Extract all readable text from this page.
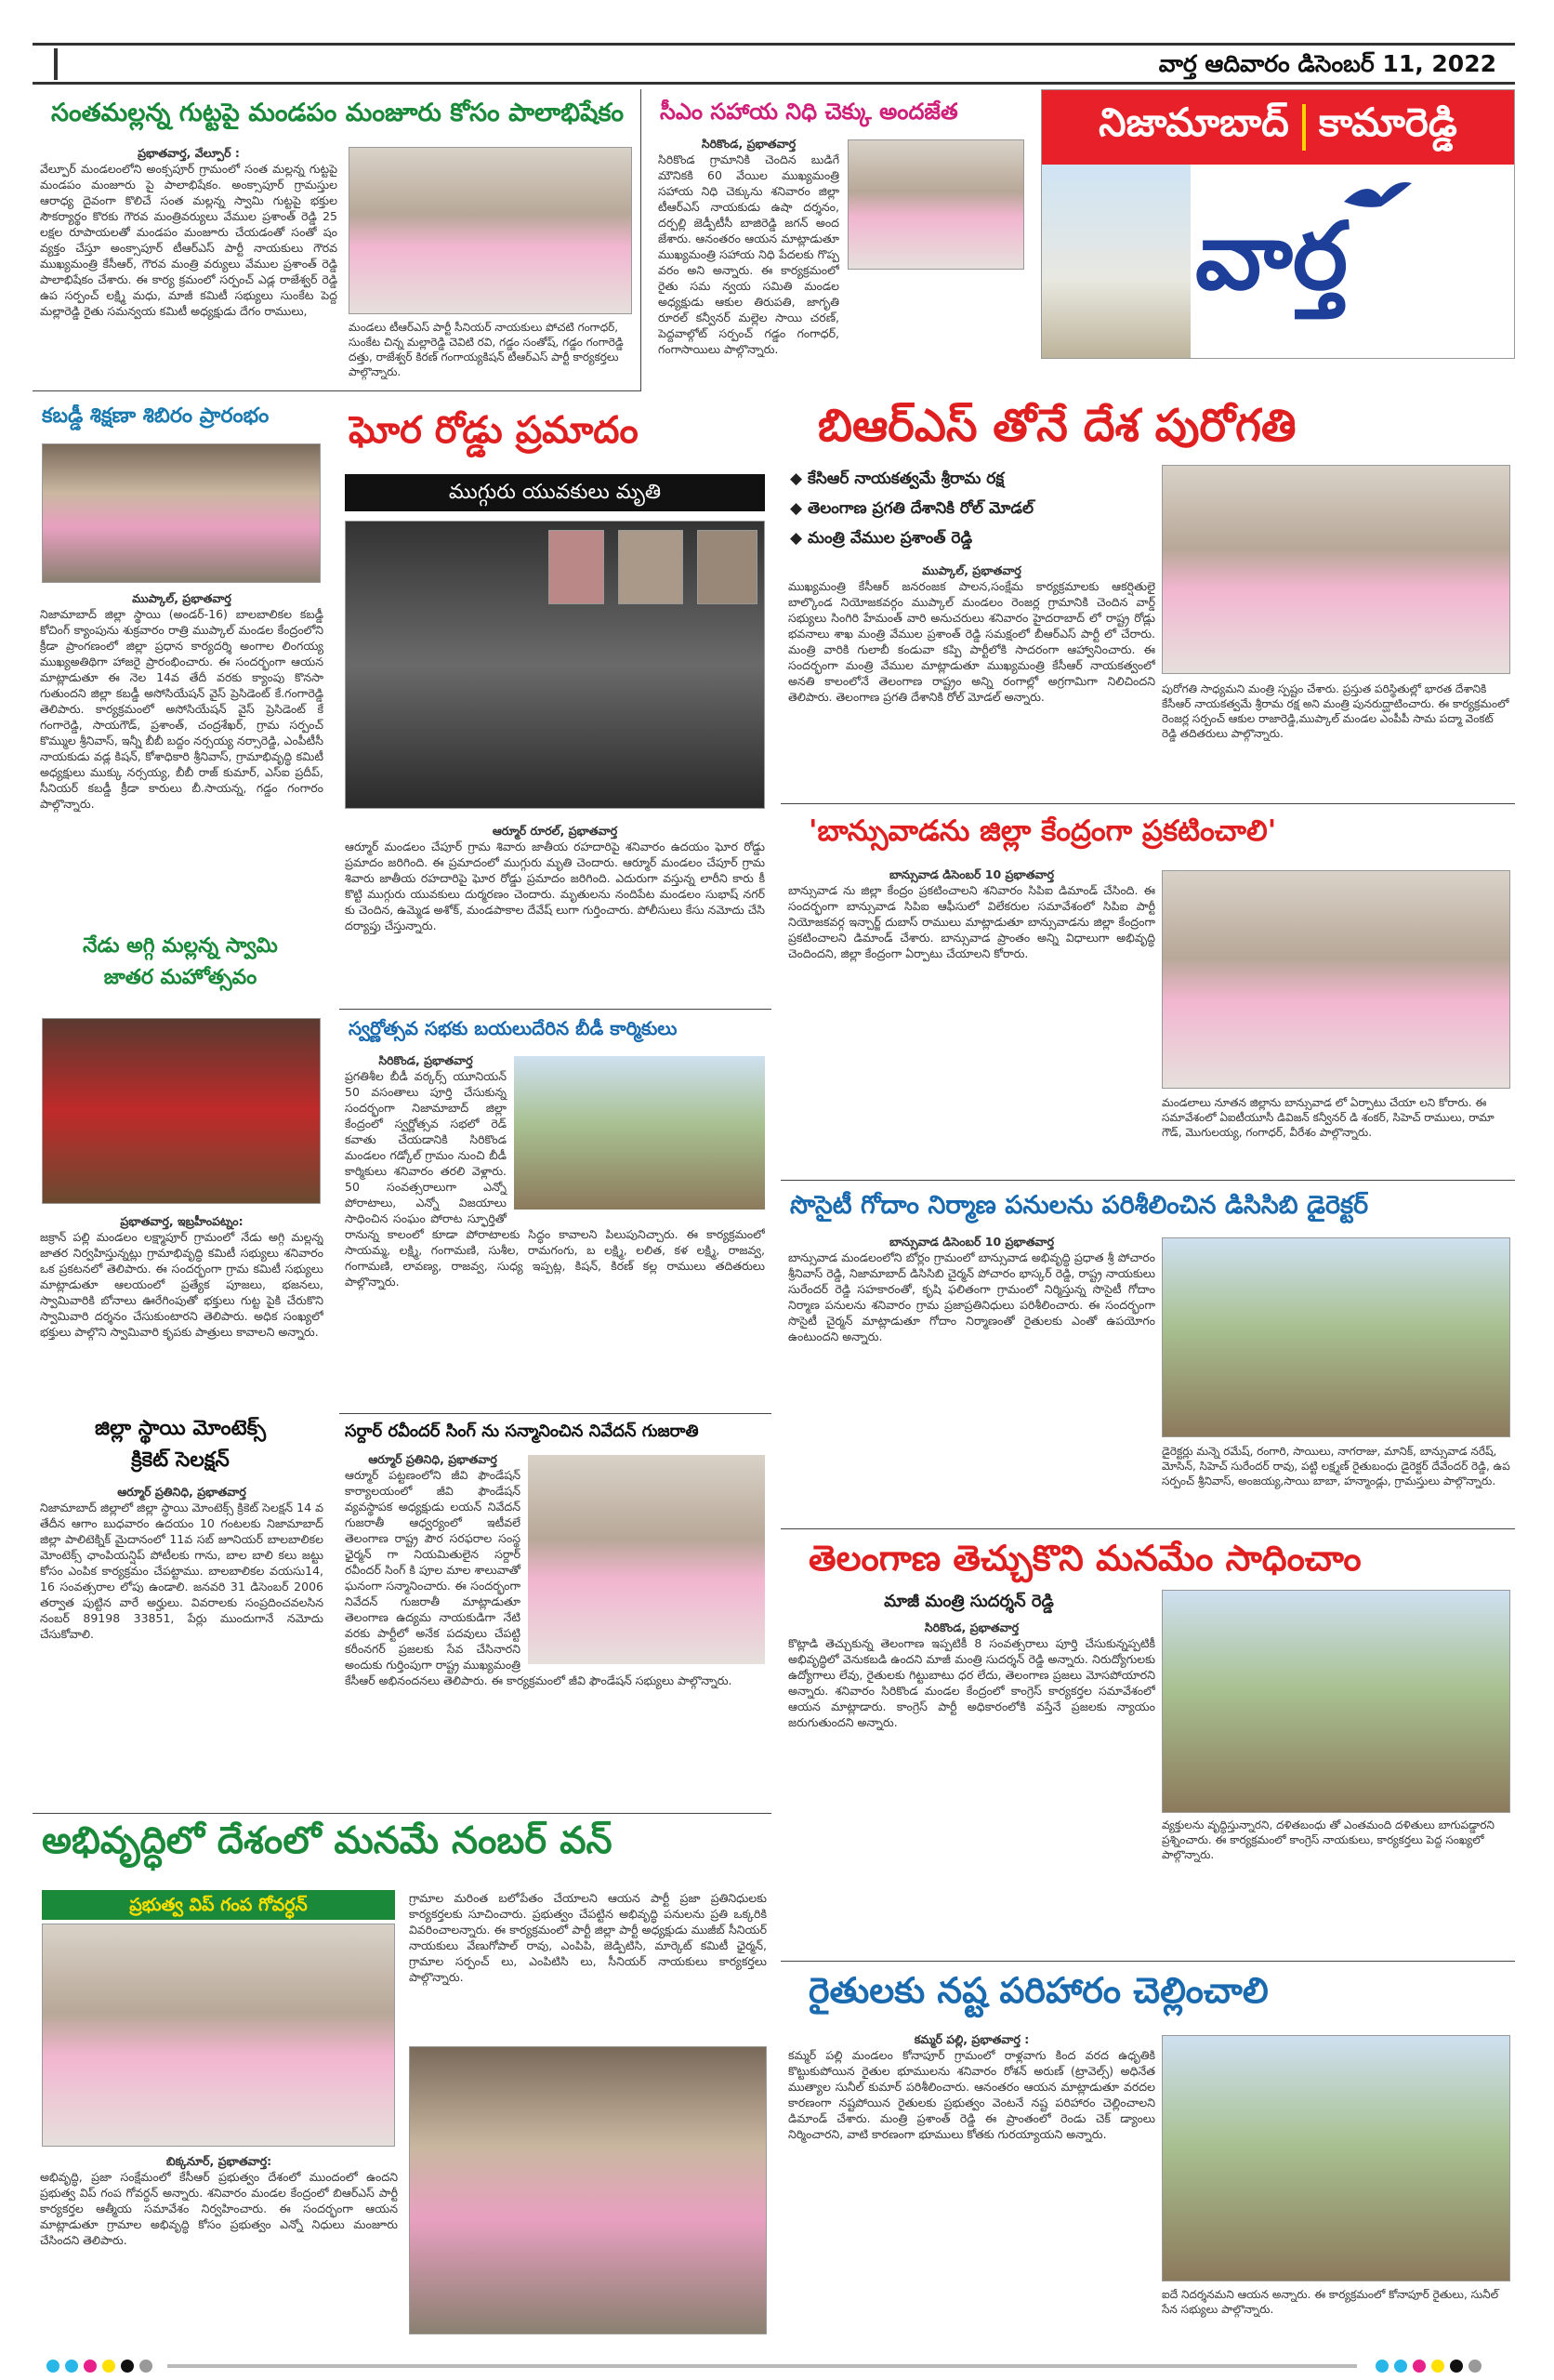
వార్త ఆదివారం డిసెంబర్ 11, 2022
సంతమల్లన్న గుట్టపై మండపం మంజూరు కోసం పాలాభిషేకం
ప్రభాతవార్త, వేల్పూర్ :
వేల్పూర్ మండలంలోని అంక్సపూర్ గ్రామంలో సంత మల్లన్న గుట్టపై మండపం మంజూరు పై పాలాభిషేకం. అంక్సాపూర్ గ్రామస్తుల ఆరాధ్య దైవంగా కొలిచే సంత మల్లన్న స్వామి గుట్టపై భక్తుల సౌకర్యార్థం కొరకు గౌరవ మంత్రివర్యులు వేముల ప్రశాంత్ రెడ్డి 25 లక్షల రూపాయలతో మండపం మంజూరు చేయడంతో సంతో షం వ్యక్తం చేస్తూ అంక్సాపూర్ టీఆర్ఎస్ పార్టీ నాయకులు గౌరవ ముఖ్యమంత్రి కేసీఆర్, గౌరవ మంత్రి వర్యులు వేముల ప్రశాంత్ రెడ్డి పాలాభిషేకం చేశారు. ఈ కార్య క్రమంలో సర్పంచ్ ఎడ్ల రాజేశ్వర్ రెడ్డి ఉప సర్పంచ్ లక్ష్మి మధు, మాజీ కమిటీ సభ్యులు సుంకేట పెద్ద మల్లారెడ్డి రైతు సమన్వయ కమిటీ అధ్యక్షుడు దేగం రాములు,
మండలు టీఆర్ఎస్ పార్టీ సీనియర్ నాయకులు పోచటి గంగాధర్, సుంకేట చిన్న మల్లారెడ్డి చెవిటి రవి, గడ్డం సంతోష్, గడ్డం గంగారెడ్డి దత్తు, రాజేశ్వర్ కిరణ్ గంగాయ్యకిషన్ టీఆర్ఎస్ పార్టీ కార్యకర్తలు పాల్గొన్నారు.
సీఎం సహాయ నిధి చెక్కు అందజేత
సిరికొండ, ప్రభాతవార్త
సిరికొండ గ్రామానికి చెందిన బుడిగే మౌనికకి 60 వేయిల ముఖ్యమంత్రి సహాయ నిధి చెక్కును శనివారం జిల్లా టీఆర్ఎస్ నాయకుడు ఉషా దర్శనం, దర్పల్లి జెడ్పీటీసీ బాజిరెడ్డి జగన్ అంద జేశారు. ఆనంతరం ఆయన మాట్లాడుతూ ముఖ్యమంత్రి సహాయ నిధి పేదలకు గొప్ప వరం అని అన్నారు. ఈ కార్యక్రమంలో రైతు సమ న్వయ సమితి మండల అధ్యక్షుడు ఆకుల తిరుపతి, జాగృతి రూరల్ కన్వీనర్ మల్లెల సాయి చరణ్, పెద్దవాల్గోట్ సర్పంచ్ గడ్డం గంగాధర్, గంగాసాయిలు పాల్గొన్నారు.
నిజామాబాద్ కామారెడ్డి
వార్త
కబడ్డీ శిక్షణా శిబిరం ప్రారంభం
ముప్కాల్, ప్రభాతవార్త
నిజామాబాద్ జిల్లా స్థాయి (అండర్-16) బాలబాలికల కబడ్డీ కోచింగ్ క్యాంపును శుక్రవారం రాత్రి ముప్కాల్ మండల కేంద్రంలోని క్రీడా ప్రాంగణంలో జిల్లా ప్రధాన కార్యదర్శి అంగాల లింగయ్య ముఖ్యఅతిథిగా హాజరై ప్రారంభించారు. ఈ సందర్భంగా ఆయన మాట్లాడుతూ ఈ నెల 14వ తేదీ వరకు క్యాంపు కొనసా గుతుందని జిల్లా కబడ్డీ అసోసియేషన్ వైస్ ప్రెసిడెంట్ కే.గంగారెడ్డి తెలిపారు. కార్యక్రమంలో అసోసియేషన్ వైస్ ప్రెసిడెంట్ కే గంగారెడ్డి, సాయగౌడ్, ప్రశాంత్, చంద్రశేఖర్, గ్రామ సర్పంచ్ కొమ్ముల శ్రీనివాస్, ఇన్నీ బీబీ బద్దం నర్సయ్య నర్సారెడ్డి, ఎంపీటీసీ నాయకుడు వడ్ల కిషన్, కోశాధికారి శ్రీనివాస్, గ్రామాభివృద్ధి కమిటీ అధ్యక్షులు ముక్కు నర్సయ్య, బీబీ రాజ్ కుమార్, ఎస్ఐ ప్రదీప్, సీనియర్ కబడ్డీ క్రీడా కారులు బీ.సాయన్న, గడ్డం గంగారం పాల్గొన్నారు.
నేడు అగ్గి మల్లన్న స్వామి
జాతర మహోత్సవం
ప్రభాతవార్త, ఇబ్రహీంపట్నం:
జక్రాన్ పల్లి మండలం లక్ష్మాపూర్ గ్రామంలో నేడు అగ్గి మల్లన్న జాతర నిర్వహిస్తున్నట్లు గ్రామాభివృద్ధి కమిటీ సభ్యులు శనివారం ఒక ప్రకటనలో తెలిపారు. ఈ సందర్భంగా గ్రామ కమిటీ సభ్యులు మాట్లాడుతూ ఆలయంలో ప్రత్యేక పూజలు, భజనలు, స్వామివారికి బోనాలు ఊరేగింపుతో భక్తులు గుట్ట పైకి చేరుకొని స్వామివారి దర్శనం చేసుకుంటారని తెలిపారు. అధిక సంఖ్యలో భక్తులు పాల్గొని స్వామివారి కృపకు పాత్రులు కావాలని అన్నారు.
జిల్లా స్థాయి మోంటెక్స్
క్రికెట్ సెలక్షన్
ఆర్మూర్ ప్రతినిధి, ప్రభాతవార్త
నిజామాబాద్ జిల్లాలో జిల్లా స్థాయి మోంటెక్స్ క్రికెట్ సెలక్షన్ 14 వ తేదీన ఆగాం బుధవారం ఉదయం 10 గంటలకు నిజామాబాద్ జిల్లా పాలిటెక్నిక్ మైదానంలో 11వ సబ్ జూనియర్ బాలబాలికల మోంటెక్స్ ఛాంపియన్షిప్ పోటీలకు గాను, బాల బాలి కలు జట్టు కోసం ఎంపిక కార్యక్రమం చేపట్టాము. బాలబాలికల వయసు14, 16 సంవత్సరాల లోపు ఉండాలి. జనవరి 31 డిసెంబర్ 2006 తర్వాత పుట్టిన వారే అర్హులు. వివరాలకు సంప్రదించవలసిన నంబర్ 89198 33851, పేర్లు ముందుగానే నమోదు చేసుకోవాలి.
ఘోర రోడ్డు ప్రమాదం
ముగ్గురు యువకులు మృతి
ఆర్మూర్ రూరల్, ప్రభాతవార్త
ఆర్మూర్ మండలం చేపూర్ గ్రామ శివారు జాతీయ రహదారిపై శనివారం ఉదయం ఘోర రోడ్డు ప్రమాదం జరిగింది. ఈ ప్రమాదంలో ముగ్గురు మృతి చెందారు. ఆర్మూర్ మండలం చేపూర్ గ్రామ శివారు జాతీయ రహదారిపై ఘోర రోడ్డు ప్రమాదం జరిగింది. ఎదురుగా వస్తున్న లారీని కారు కీ కొట్టి ముగ్గురు యువకులు దుర్మరణం చెందారు. మృతులను నందిపేట మండలం సుభాష్ నగర్ కు చెందిన, ఉమ్మెడ అశోక్, మండపాకాల దేవేష్ లుగా గుర్తించారు. పోలీసులు కేసు నమోదు చేసి దర్యాప్తు చేస్తున్నారు.
స్వర్ణోత్సవ సభకు బయలుదేరిన బీడీ కార్మికులు
సిరికొండ, ప్రభాతవార్త
ప్రగతిశీల బీడీ వర్కర్స్ యూనియన్ 50 వసంతాలు పూర్తి చేసుకున్న సందర్భంగా నిజామాబాద్ జిల్లా కేంద్రంలో స్వర్ణోత్సవ సభలో రెడ్ కవాతు చేయడానికి సిరికొండ మండలం గడ్కోల్ గ్రామం నుంచి బీడీ కార్మికులు శనివారం తరలి వెళ్లారు. 50 సంవత్సరాలుగా ఎన్నో పోరాటాలు, ఎన్నో విజయాలు సాధించిన సంఘం పోరాట స్ఫూర్తితో రానున్న కాలంలో కూడా పోరాటాలకు సిద్ధం కావాలని పిలుపునిచ్చారు. ఈ కార్యక్రమంలో సాయమ్మ, లక్ష్మి, గంగామణి, సుశీల, రామగంగు, బ లక్ష్మి, లలిత, కళ లక్ష్మి, రాజవ్వ, గంగామణి, లావణ్య, రాజవ్వ, సుధ్య ఇప్పట్ల, కిషన్, కిరణ్ కల్ల రాములు తదితరులు పాల్గొన్నారు.
సర్దార్ రవీందర్ సింగ్ ను సన్మానించిన నివేదన్ గుజరాతి
ఆర్మూర్ ప్రతినిధి, ప్రభాతవార్త
ఆర్మూర్ పట్టణంలోని జీవి ఫౌండేషన్ కార్యాలయంలో జీవి ఫౌండేషన్ వ్యవస్థాపక అధ్యక్షుడు లయన్ నివేదన్ గుజరాతీ ఆధ్వర్యంలో ఇటీవలే తెలంగాణ రాష్ట్ర పౌర సరఫరాల సంస్థ ఛైర్మన్ గా నియమితులైన సర్దార్ రవీందర్ సింగ్ కి పూల మాల శాలువాతో ఘనంగా సన్మానించారు. ఈ సందర్భంగా నివేదన్ గుజరాతీ మాట్లాడుతూ తెలంగాణ ఉద్యమ నాయకుడిగా నేటి వరకు పార్టీలో అనేక పదవులు చేపట్టి కరీంనగర్ ప్రజలకు సేవ చేసినారని అందుకు గుర్తింపుగా రాష్ట్ర ముఖ్యమంత్రి కేసీఆర్ అభినందనలు తెలిపారు. ఈ కార్యక్రమంలో జీవి ఫౌండేషన్ సభ్యులు పాల్గొన్నారు.
బిఆర్ఎస్ తోనే దేశ పురోగతి
◆ కేసిఆర్ నాయకత్వమే శ్రీరామ రక్ష
◆ తెలంగాణ ప్రగతి దేశానికి రోల్ మోడల్
◆ మంత్రి వేముల ప్రశాంత్ రెడ్డి
ముప్కాల్, ప్రభాతవార్త
ముఖ్యమంత్రి కేసీఆర్ జనరంజక పాలన,సంక్షేమ కార్యక్రమాలకు ఆకర్షితులై బాల్కొండ నియోజకవర్గం ముప్కాల్ మండలం రెంజర్ల గ్రామానికి చెందిన వార్డ్ సభ్యులు సింగిరి హేమంత్ వారి అనుచరులు శనివారం హైదరాబాద్ లో రాష్ట్ర రోడ్లు భవనాలు శాఖ మంత్రి వేముల ప్రశాంత్ రెడ్డి సమక్షంలో బీఆర్ఎస్ పార్టీ లో చేరారు. మంత్రి వారికి గులాబీ కండువా కప్పి పార్టీలోకి సాదరంగా ఆహ్వానించారు. ఈ సందర్భంగా మంత్రి వేముల మాట్లాడుతూ ముఖ్యమంత్రి కేసీఆర్ నాయకత్వంలో అనతి కాలంలోనే తెలంగాణ రాష్ట్రం అన్ని రంగాల్లో అగ్రగామిగా నిలిచిందని తెలిపారు. తెలంగాణ ప్రగతి దేశానికి రోల్ మోడల్ అన్నారు.
పురోగతి సాధ్యమని మంత్రి స్పష్టం చేశారు. ప్రస్తుత పరిస్థితుల్లో భారత దేశానికి కేసీఆర్ నాయకత్వమే శ్రీరామ రక్ష అని మంత్రి పునరుద్ఘాటించారు. ఈ కార్యక్రమంలో రెంజర్ల సర్పంచ్ ఆకుల రాజారెడ్డి,ముప్కాల్ మండల ఎంపీపీ సామ పద్మా వెంకట్ రెడ్డి తదితరులు పాల్గొన్నారు.
'బాన్సువాడను జిల్లా కేంద్రంగా ప్రకటించాలి'
బాన్సువాడ డిసెంబర్ 10 ప్రభాతవార్త
బాన్సువాడ ను జిల్లా కేంద్రం ప్రకటించాలని శనివారం సిపిఐ డిమాండ్ చేసింది. ఈ సందర్భంగా బాన్సువాడ సిపిఐ ఆఫీసులో విలేకరుల సమావేశంలో సిపిఐ పార్టీ నియోజకవర్గ ఇన్చార్జ్ దుబాస్ రాములు మాట్లాడుతూ బాన్సువాడను జిల్లా కేంద్రంగా ప్రకటించాలని డిమాండ్ చేశారు. బాన్సువాడ ప్రాంతం అన్ని విధాలుగా అభివృద్ధి చెందిందని, జిల్లా కేంద్రంగా ఏర్పాటు చేయాలని కోరారు.
మండలాలు నూతన జిల్లాను బాన్సువాడ లో ఏర్పాటు చేయా లని కోరారు. ఈ సమావేశంలో ఏఐటీయూసీ డివిజన్ కన్వీనర్ డి శంకర్, సిహెచ్ రాములు, రామా గౌడ్, మొగులయ్య, గంగాధర్, వీరేశం పాల్గొన్నారు.
సొసైటీ గోదాం నిర్మాణ పనులను పరిశీలించిన డిసిసిబి డైరెక్టర్
బాన్సువాడ డిసెంబర్ 10 ప్రభాతవార్త
బాన్సువాడ మండలంలోని బోర్లం గ్రామంలో బాన్సువాడ అభివృద్ధి ప్రధాత శ్రీ పోచారం శ్రీనివాస్ రెడ్డి, నిజామాబాద్ డిసిసిబి చైర్మన్ పోచారం భాస్కర్ రెడ్డి, రాష్ట్ర నాయకులు సురేందర్ రెడ్డి సహకారంతో, కృషి ఫలితంగా గ్రామంలో నిర్మిస్తున్న సొసైటీ గోదాం నిర్మాణ పనులను శనివారం గ్రామ ప్రజాప్రతినిధులు పరిశీలించారు. ఈ సందర్భంగా సొసైటీ చైర్మన్ మాట్లాడుతూ గోదాం నిర్మాణంతో రైతులకు ఎంతో ఉపయోగం ఉంటుందని అన్నారు.
డైరెక్టర్లు మన్నె రమేష్, రంగారి, సాయిలు, నాగరాజు, మానిక్, బాన్సువాడ నరేష్, మోసిన్, సిహెచ్ సురేందర్ రావు, పట్టి లక్ష్మణ్ రైతుబంధు డైరెక్టర్ దేవేందర్ రెడ్డి, ఉప సర్పంచ్ శ్రీనివాస్, అంజయ్య,సాయి బాబా, హన్మాండ్లు, గ్రామస్తులు పాల్గొన్నారు.
తెలంగాణ తెచ్చుకొని మనమేం సాధించాం
మాజీ మంత్రి సుదర్శన్ రెడ్డి
సిరికొండ, ప్రభాతవార్త
కొట్లాడి తెచ్చుకున్న తెలంగాణ ఇప్పటికీ 8 సంవత్సరాలు పూర్తి చేసుకున్నప్పటికీ అభివృద్ధిలో వెనుకబడి ఉందని మాజీ మంత్రి సుదర్శన్ రెడ్డి అన్నారు. నిరుద్యోగులకు ఉద్యోగాలు లేవు, రైతులకు గిట్టుబాటు ధర లేదు, తెలంగాణ ప్రజలు మోసపోయారని అన్నారు. శనివారం సిరికొండ మండల కేంద్రంలో కాంగ్రెస్ కార్యకర్తల సమావేశంలో ఆయన మాట్లాడారు. కాంగ్రెస్ పార్టీ అధికారంలోకి వస్తేనే ప్రజలకు న్యాయం జరుగుతుందని అన్నారు.
వ్యక్తులను వృద్ధిస్తున్నారని, దళితబంధు తో ఎంతమంది దళితులు బాగుపడ్డారని ప్రశ్నించారు. ఈ కార్యక్రమంలో కాంగ్రెస్ నాయకులు, కార్యకర్తలు పెద్ద సంఖ్యలో పాల్గొన్నారు.
రైతులకు నష్ట పరిహారం చెల్లించాలి
కమ్మర్ పల్లి, ప్రభాతవార్త :
కమ్మర్ పల్లి మండలం కోనాపూర్ గ్రామంలో రాళ్లవాగు కింద వరద ఉధృతికి కొట్టుకుపోయిన రైతుల భూములను శనివారం రోశన్ అరుణ్ (ట్రావెల్స్) అధినేత ముత్యాల సునీల్ కుమార్ పరిశీలించారు. ఆనంతరం ఆయన మాట్లాడుతూ వరదల కారణంగా నష్టపోయిన రైతులకు ప్రభుత్వం వెంటనే నష్ట పరిహారం చెల్లించాలని డిమాండ్ చేశారు. మంత్రి ప్రశాంత్ రెడ్డి ఈ ప్రాంతంలో రెండు చెక్ డ్యాంలు నిర్మించారని, వాటి కారణంగా భూములు కోతకు గురయ్యాయని అన్నారు.
ఐదే నిదర్శనమని ఆయన అన్నారు. ఈ కార్యక్రమంలో కోనాపూర్ రైతులు, సునీల్ సేన సభ్యులు పాల్గొన్నారు.
అభివృద్ధిలో దేశంలో మనమే నంబర్ వన్
ప్రభుత్వ విప్ గంప గోవర్ధన్
బిక్కనూర్, ప్రభాతవార్త:
అభివృద్ధి, ప్రజా సంక్షేమంలో కేసీఆర్ ప్రభుత్వం దేశంలో ముందంలో ఉందని ప్రభుత్వ విప్ గంప గోవర్ధన్ అన్నారు. శనివారం మండల కేంద్రంలో బిఆర్ఎస్ పార్టీ కార్యకర్తల ఆత్మీయ సమావేశం నిర్వహించారు. ఈ సందర్భంగా ఆయన మాట్లాడుతూ గ్రామాల అభివృద్ధి కోసం ప్రభుత్వం ఎన్నో నిధులు మంజూరు చేసిందని తెలిపారు.
గ్రామాల మరింత బలోపేతం చేయాలని ఆయన పార్టీ ప్రజా ప్రతినిధులకు కార్యకర్తలకు సూచించారు. ప్రభుత్వం చేపట్టిన అభివృద్ధి పనులను ప్రతి ఒక్కరికి వివరించాలన్నారు. ఈ కార్యక్రమంలో పార్టీ జిల్లా పార్టీ అధ్యక్షుడు ముజీబ్ సీనియర్ నాయకులు వేణుగోపాల్ రావు, ఎంపిపి, జెడ్పిటిసి, మార్కెట్ కమిటీ ఛైర్మన్, గ్రామాల సర్పంచ్ లు, ఎంపిటిసి లు, సీనియర్ నాయకులు కార్యకర్తలు పాల్గొన్నారు.
